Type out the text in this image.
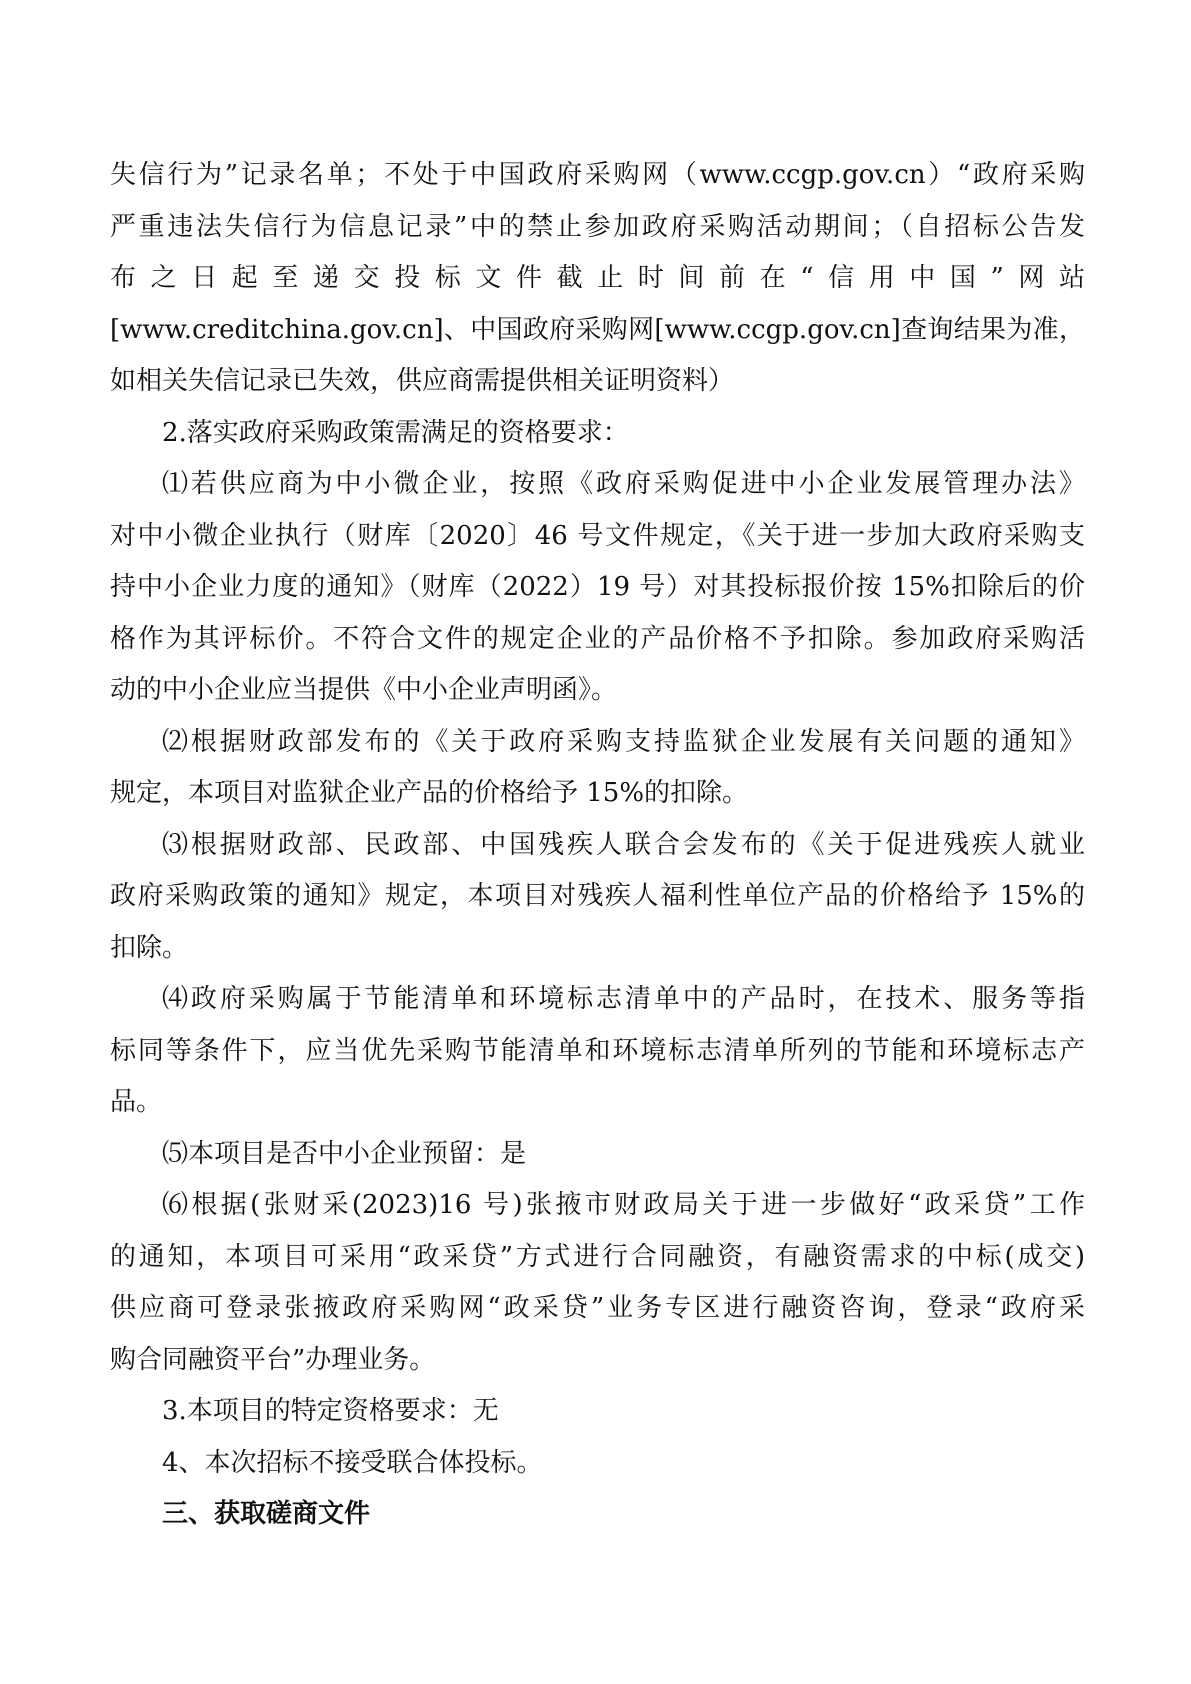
失信行为”记录名单；不处于中国政府采购网（www.ccgp.gov.cn）“政府采购
严重违法失信行为信息记录”中的禁止参加政府采购活动期间；（自招标公告发
布之日起至递交投标文件截止时间前在“信用中国”网站
[www.creditchina.gov.cn]、中国政府采购网[www.ccgp.gov.cn]查询结果为准，
如相关失信记录已失效，供应商需提供相关证明资料）

2.落实政府采购政策需满足的资格要求：

⑴若供应商为中小微企业，按照《政府采购促进中小企业发展管理办法》
对中小微企业执行（财库〔2020〕46 号文件规定，《关于进一步加大政府采购支
持中小企业力度的通知》（财库（2022）19 号）对其投标报价按 15%扣除后的价
格作为其评标价。不符合文件的规定企业的产品价格不予扣除。参加政府采购活
动的中小企业应当提供《中小企业声明函》。

⑵根据财政部发布的《关于政府采购支持监狱企业发展有关问题的通知》
规定，本项目对监狱企业产品的价格给予 15%的扣除。

⑶根据财政部、民政部、中国残疾人联合会发布的《关于促进残疾人就业
政府采购政策的通知》规定，本项目对残疾人福利性单位产品的价格给予 15%的
扣除。

⑷政府采购属于节能清单和环境标志清单中的产品时，在技术、服务等指
标同等条件下，应当优先采购节能清单和环境标志清单所列的节能和环境标志产
品。

⑸本项目是否中小企业预留：是

⑹根据(张财采(2023)16 号)张掖市财政局关于进一步做好“政采贷”工作
的通知，本项目可采用“政采贷”方式进行合同融资，有融资需求的中标(成交)
供应商可登录张掖政府采购网“政采贷”业务专区进行融资咨询，登录“政府采
购合同融资平台”办理业务。

3.本项目的特定资格要求：无

4、本次招标不接受联合体投标。

三、获取磋商文件
